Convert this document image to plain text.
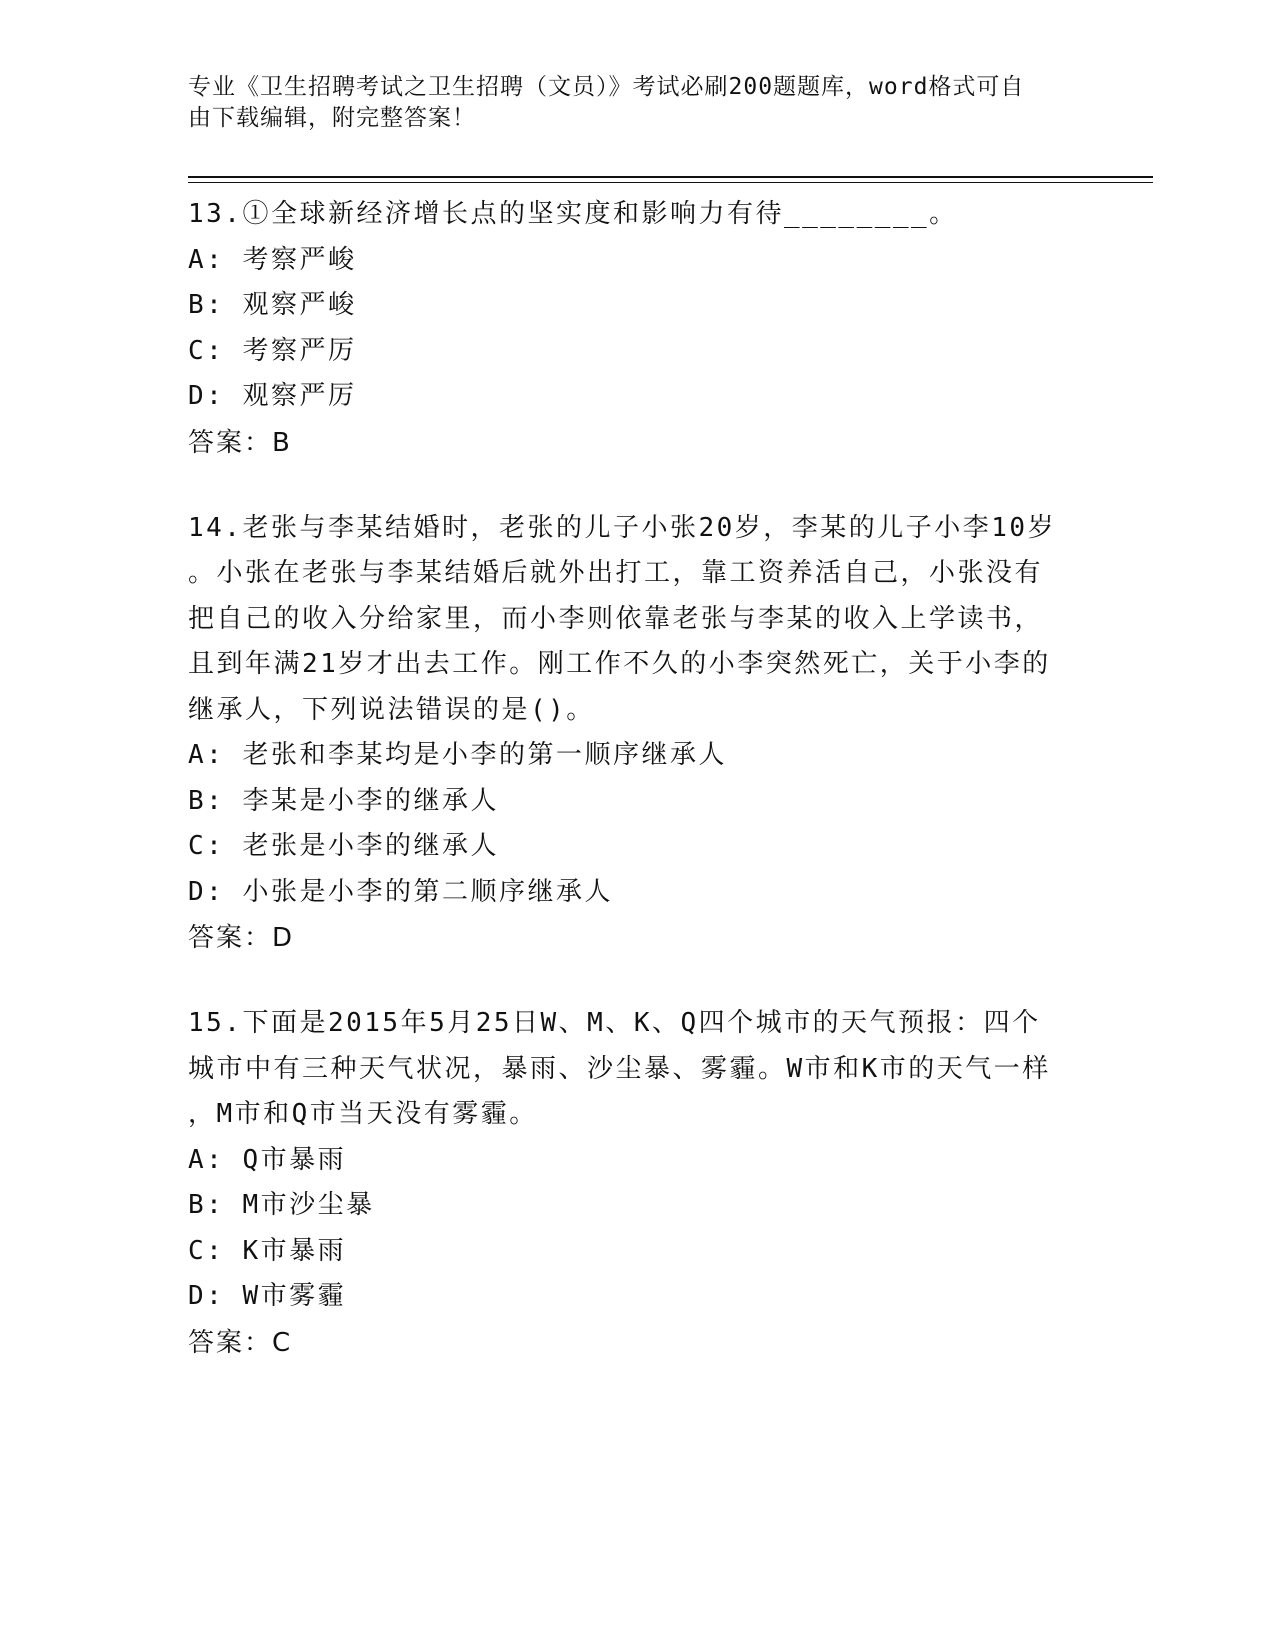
专业《卫生招聘考试之卫生招聘（文员）》考试必刷200题题库，word格式可自
由下载编辑，附完整答案！
13.①全球新经济增长点的坚实度和影响力有待________。
A: 考察严峻
B: 观察严峻
C: 考察严厉
D: 观察严厉
答案：B
14.老张与李某结婚时，老张的儿子小张20岁，李某的儿子小李10岁
。小张在老张与李某结婚后就外出打工，靠工资养活自己，小张没有
把自己的收入分给家里，而小李则依靠老张与李某的收入上学读书，
且到年满21岁才出去工作。刚工作不久的小李突然死亡，关于小李的
继承人，下列说法错误的是()。
A: 老张和李某均是小李的第一顺序继承人
B: 李某是小李的继承人
C: 老张是小李的继承人
D: 小张是小李的第二顺序继承人
答案：D
15.下面是2015年5月25日W、M、K、Q四个城市的天气预报：四个
城市中有三种天气状况，暴雨、沙尘暴、雾霾。W市和K市的天气一样
，M市和Q市当天没有雾霾。
A: Q市暴雨
B: M市沙尘暴
C: K市暴雨
D: W市雾霾
答案：C
